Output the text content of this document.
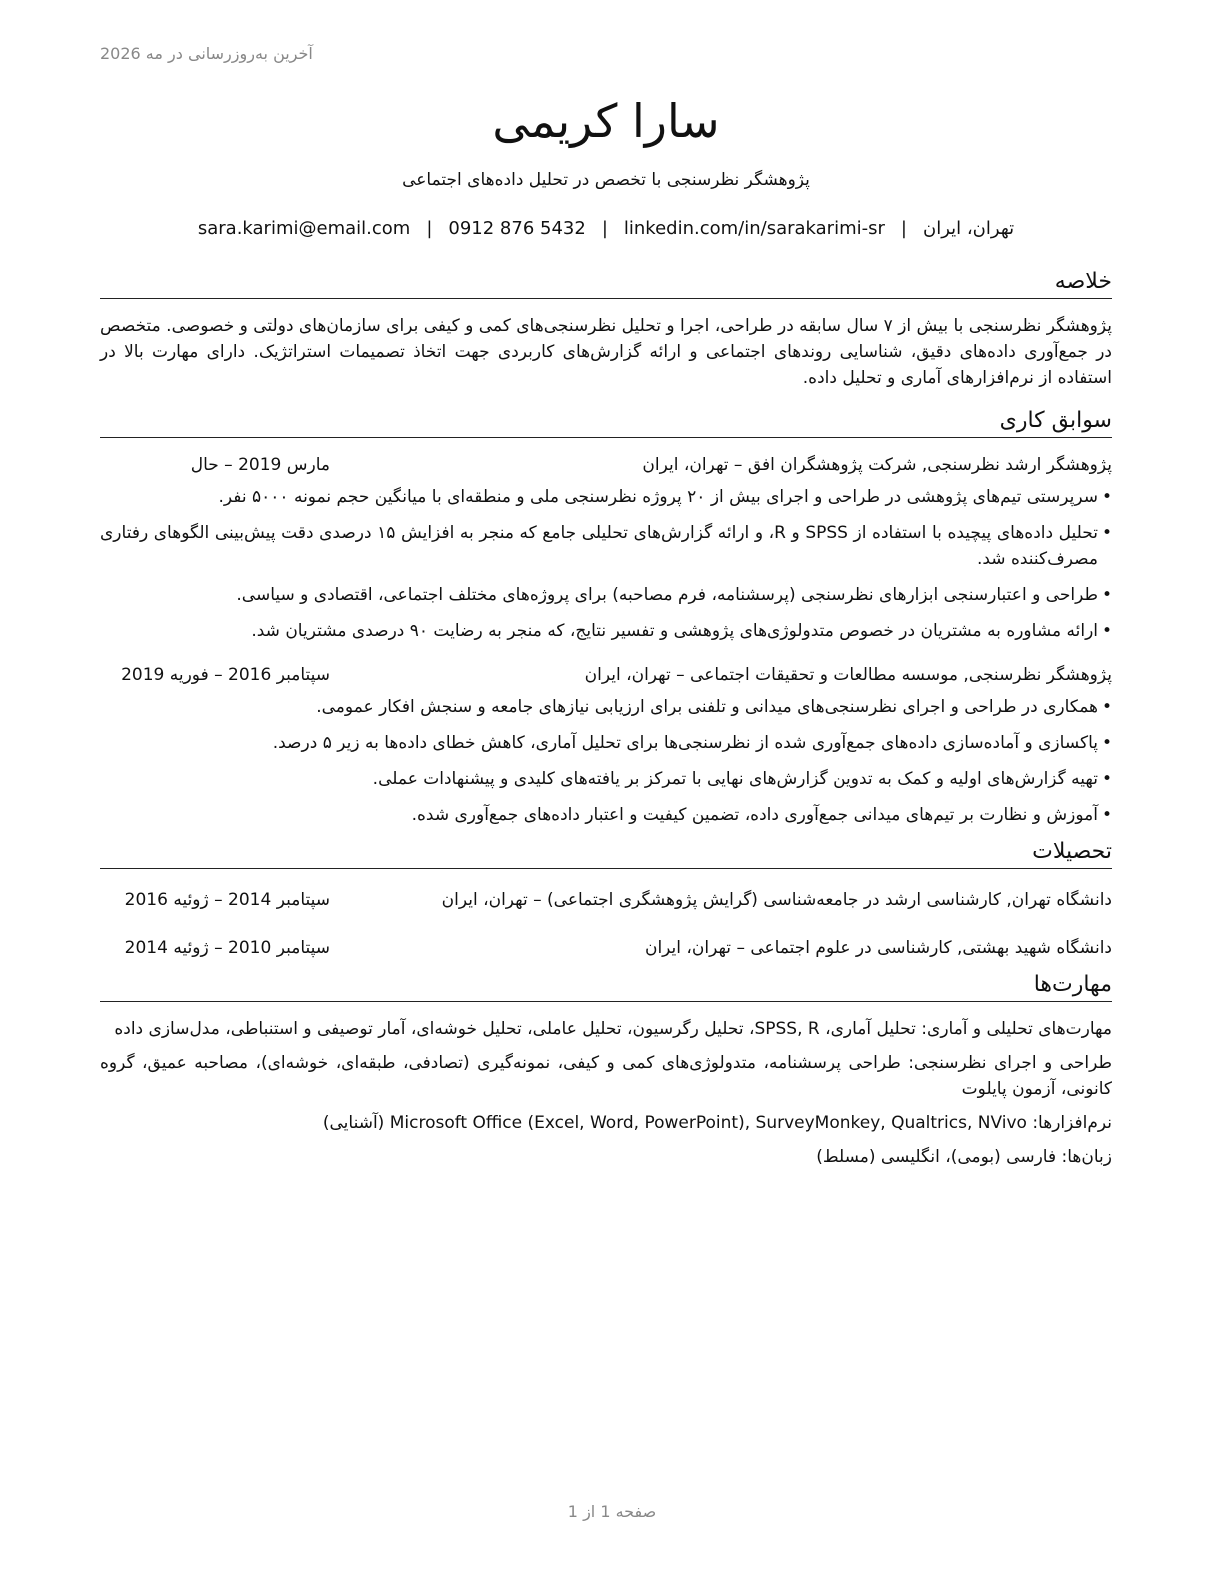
آخرین به‌روزرسانی در مه 2026
سارا کریمی
پژوهشگر نظرسنجی با تخصص در تحلیل داده‌های اجتماعی
تهران، ایران|sara.karimi@email.com | 0912 876 5432 | linkedin.com/in/sarakarimi-sr
خلاصه

پژوهشگر نظرسنجی با بیش از ۷ سال سابقه در طراحی، اجرا و تحلیل نظرسنجی‌های کمی و کیفی برای سازمان‌های دولتی و خصوصی. متخصص در جمع‌آوری داده‌های دقیق، شناسایی روندهای اجتماعی و ارائه گزارش‌های کاربردی جهت اتخاذ تصمیمات استراتژیک. دارای مهارت بالا در استفاده از نرم‌افزارهای آماری و تحلیل داده.

سوابق کاری
پژوهشگر ارشد نظرسنجی, شرکت پژوهشگران افق – تهران، ایران
مارس 2019 – حال
• سرپرستی تیم‌های پژوهشی در طراحی و اجرای بیش از ۲۰ پروژه نظرسنجی ملی و منطقه‌ای با میانگین حجم نمونه ۵۰۰۰ نفر.
• تحلیل داده‌های پیچیده با استفاده از SPSS و R، و ارائه گزارش‌های تحلیلی جامع که منجر به افزایش ۱۵ درصدی دقت پیش‌بینی الگوهای رفتاری مصرف‌کننده شد.
• طراحی و اعتبارسنجی ابزارهای نظرسنجی (پرسشنامه، فرم مصاحبه) برای پروژه‌های مختلف اجتماعی، اقتصادی و سیاسی.
• ارائه مشاوره به مشتریان در خصوص متدولوژی‌های پژوهشی و تفسیر نتایج، که منجر به رضایت ۹۰ درصدی مشتریان شد.
پژوهشگر نظرسنجی, موسسه مطالعات و تحقیقات اجتماعی – تهران، ایران
سپتامبر 2016 – فوریه 2019
• همکاری در طراحی و اجرای نظرسنجی‌های میدانی و تلفنی برای ارزیابی نیازهای جامعه و سنجش افکار عمومی.
• پاکسازی و آماده‌سازی داده‌های جمع‌آوری شده از نظرسنجی‌ها برای تحلیل آماری، کاهش خطای داده‌ها به زیر ۵ درصد.
• تهیه گزارش‌های اولیه و کمک به تدوین گزارش‌های نهایی با تمرکز بر یافته‌های کلیدی و پیشنهادات عملی.
• آموزش و نظارت بر تیم‌های میدانی جمع‌آوری داده، تضمین کیفیت و اعتبار داده‌های جمع‌آوری شده.
تحصیلات
دانشگاه تهران, کارشناسی ارشد در جامعه‌شناسی (گرایش پژوهشگری اجتماعی) – تهران، ایران
سپتامبر 2014 – ژوئیه 2016
دانشگاه شهید بهشتی, کارشناسی در علوم اجتماعی – تهران، ایران
سپتامبر 2010 – ژوئیه 2014
مهارت‌ها
مهارت‌های تحلیلی و آماری: تحلیل آماری، SPSS, R، تحلیل رگرسیون، تحلیل عاملی، تحلیل خوشه‌ای، آمار توصیفی و استنباطی، مدل‌سازی داده
طراحی و اجرای نظرسنجی: طراحی پرسشنامه، متدولوژی‌های کمی و کیفی، نمونه‌گیری (تصادفی، طبقه‌ای، خوشه‌ای)، مصاحبه عمیق، گروه کانونی، آزمون پایلوت
نرم‌افزارها: Microsoft Office (Excel, Word, PowerPoint), SurveyMonkey, Qualtrics, NVivo (آشنایی)
زبان‌ها: فارسی (بومی)، انگلیسی (مسلط)
صفحه 1 از 1
